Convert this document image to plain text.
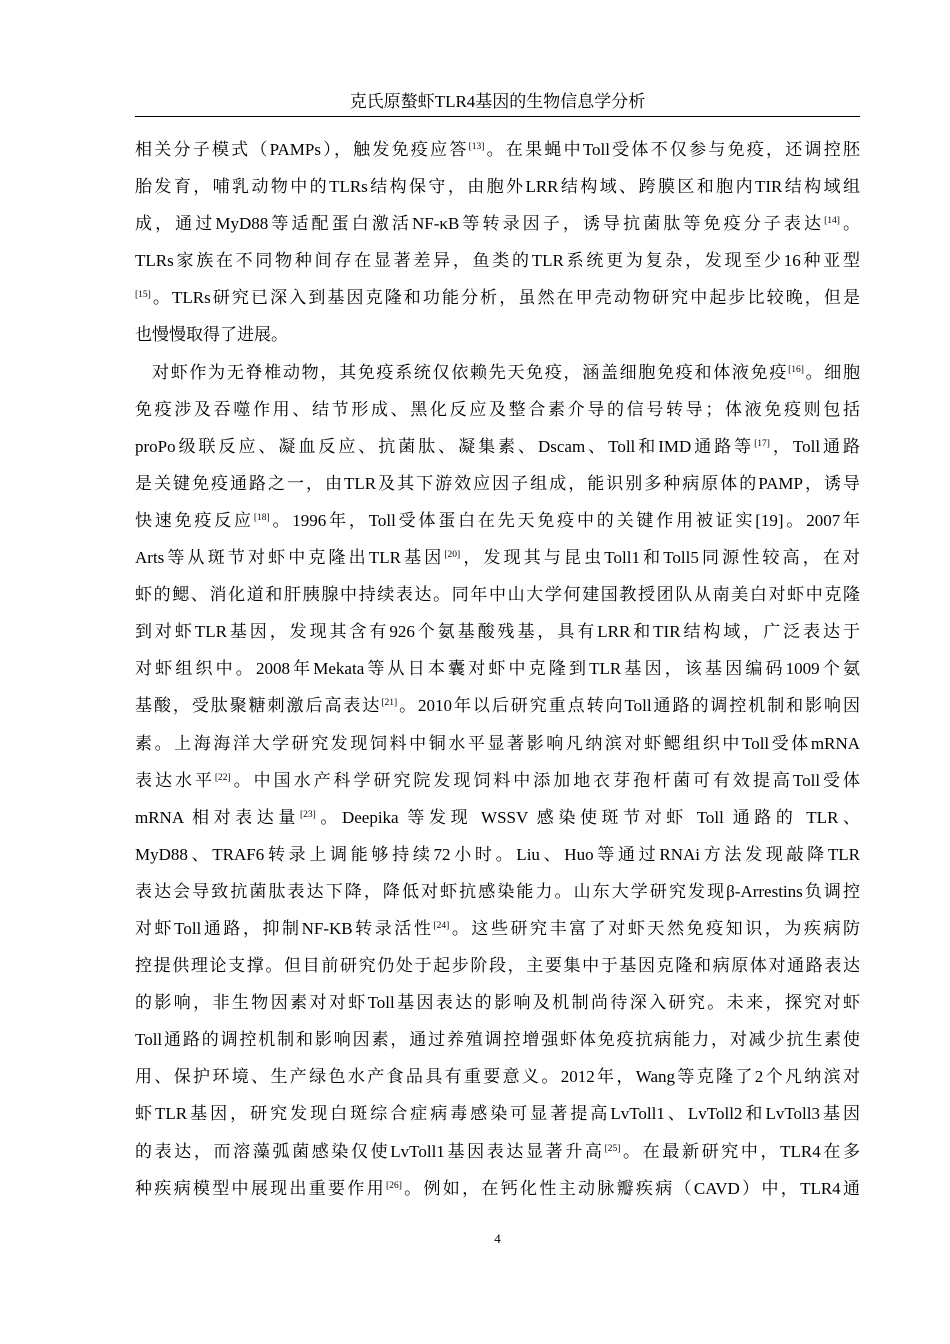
克氏原螯虾TLR4基因的生物信息学分析
相关分子模式（PAMPs），触发免疫应答[13]。在果蝇中Toll受体不仅参与免疫，还调控胚
胎发育，哺乳动物中的TLRs结构保守，由胞外LRR结构域、跨膜区和胞内TIR结构域组
成，通过MyD88等适配蛋白激活NF-κB等转录因子，诱导抗菌肽等免疫分子表达[14]。
TLRs家族在不同物种间存在显著差异，鱼类的TLR系统更为复杂，发现至少16种亚型
[15]。TLRs研究已深入到基因克隆和功能分析，虽然在甲壳动物研究中起步比较晚，但是
也慢慢取得了进展。
对虾作为无脊椎动物，其免疫系统仅依赖先天免疫，涵盖细胞免疫和体液免疫[16]。细胞
免疫涉及吞噬作用、结节形成、黑化反应及整合素介导的信号转导；体液免疫则包括
proPo级联反应、凝血反应、抗菌肽、凝集素、Dscam、Toll和IMD通路等[17]，Toll通路
是关键免疫通路之一，由TLR及其下游效应因子组成，能识别多种病原体的PAMP，诱导
快速免疫反应[18]。1996年，Toll受体蛋白在先天免疫中的关键作用被证实[19]。2007年
Arts等从斑节对虾中克隆出TLR基因[20]，发现其与昆虫Toll1和Toll5同源性较高，在对
虾的鳃、消化道和肝胰腺中持续表达。同年中山大学何建国教授团队从南美白对虾中克隆
到对虾TLR基因，发现其含有926个氨基酸残基，具有LRR和TIR结构域，广泛表达于
对虾组织中。2008年Mekata等从日本囊对虾中克隆到TLR基因，该基因编码1009个氨
基酸，受肽聚糖刺激后高表达[21]。2010年以后研究重点转向Toll通路的调控机制和影响因
素。上海海洋大学研究发现饲料中铜水平显著影响凡纳滨对虾鳃组织中Toll受体mRNA
表达水平[22]。中国水产科学研究院发现饲料中添加地衣芽孢杆菌可有效提高Toll受体
mRNA 相对表达量[23]。Deepika 等发现 WSSV 感染使斑节对虾 Toll 通路的 TLR、
MyD88、TRAF6转录上调能够持续72小时。Liu、Huo等通过RNAi方法发现敲降TLR
表达会导致抗菌肽表达下降，降低对虾抗感染能力。山东大学研究发现β-Arrestins负调控
对虾Toll通路，抑制NF-KB转录活性[24]。这些研究丰富了对虾天然免疫知识，为疾病防
控提供理论支撑。但目前研究仍处于起步阶段，主要集中于基因克隆和病原体对通路表达
的影响，非生物因素对对虾Toll基因表达的影响及机制尚待深入研究。未来，探究对虾
Toll通路的调控机制和影响因素，通过养殖调控增强虾体免疫抗病能力，对减少抗生素使
用、保护环境、生产绿色水产食品具有重要意义。2012年，Wang等克隆了2个凡纳滨对
虾TLR基因，研究发现白斑综合症病毒感染可显著提高LvToll1、LvToll2和LvToll3基因
的表达，而溶藻弧菌感染仅使LvToll1基因表达显著升高[25]。在最新研究中，TLR4在多
种疾病模型中展现出重要作用[26]。例如，在钙化性主动脉瓣疾病（CAVD）中，TLR4通
4
